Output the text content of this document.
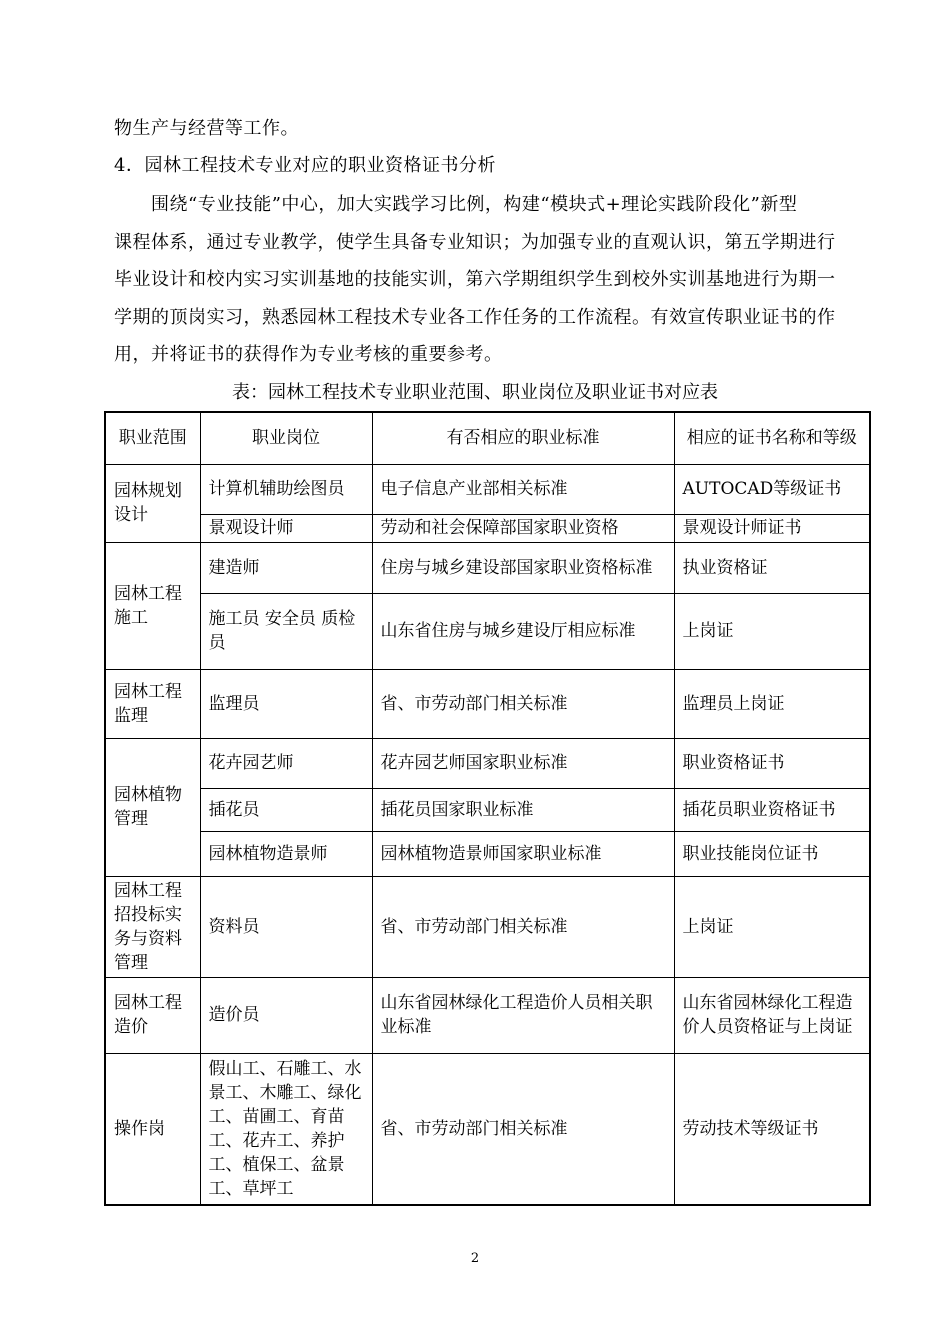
物生产与经营等工作。
4．园林工程技术专业对应的职业资格证书分析
围绕“专业技能”中心，加大实践学习比例，构建“模块式+理论实践阶段化”新型
课程体系，通过专业教学，使学生具备专业知识；为加强专业的直观认识，第五学期进行
毕业设计和校内实习实训基地的技能实训，第六学期组织学生到校外实训基地进行为期一
学期的顶岗实习，熟悉园林工程技术专业各工作任务的工作流程。有效宣传职业证书的作
用，并将证书的获得作为专业考核的重要参考。
表：园林工程技术专业职业范围、职业岗位及职业证书对应表
职业范围	职业岗位	有否相应的职业标准	相应的证书名称和等级
园林规划设计	计算机辅助绘图员	电子信息产业部相关标准	AUTOCAD等级证书
	景观设计师	劳动和社会保障部国家职业资格	景观设计师证书
园林工程施工	建造师	住房与城乡建设部国家职业资格标准	执业资格证
	施工员 安全员 质检员	山东省住房与城乡建设厅相应标准	上岗证
园林工程监理	监理员	省、市劳动部门相关标准	监理员上岗证
园林植物管理	花卉园艺师	花卉园艺师国家职业标准	职业资格证书
	插花员	插花员国家职业标准	插花员职业资格证书
	园林植物造景师	园林植物造景师国家职业标准	职业技能岗位证书
园林工程招投标实务与资料管理	资料员	省、市劳动部门相关标准	上岗证
园林工程造价	造价员	山东省园林绿化工程造价人员相关职业标准	山东省园林绿化工程造价人员资格证与上岗证
操作岗	假山工、石雕工、水景工、木雕工、绿化工、苗圃工、育苗工、花卉工、养护工、植保工、盆景工、草坪工	省、市劳动部门相关标准	劳动技术等级证书
2
